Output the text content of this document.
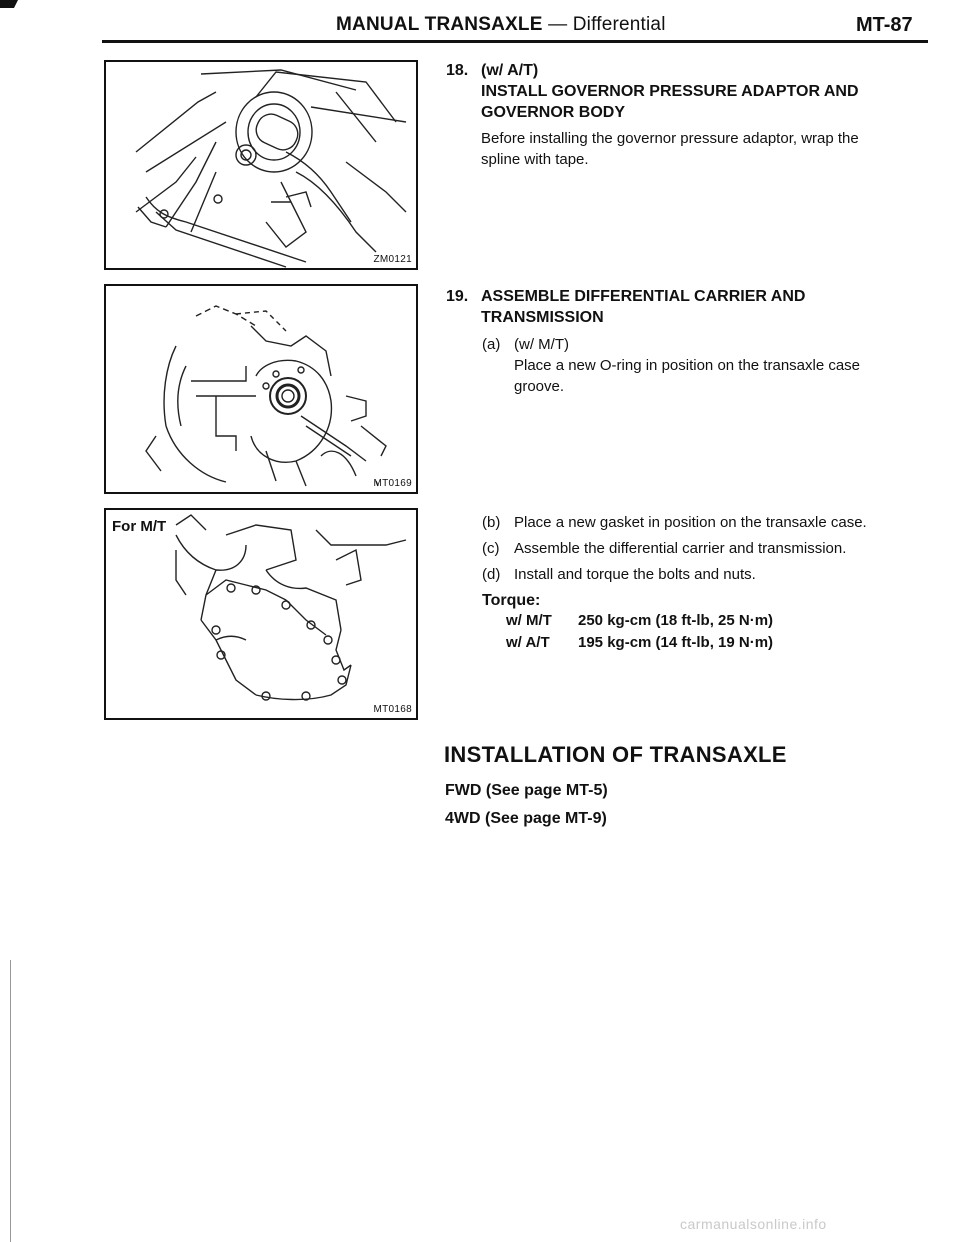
MANUAL TRANSAXLE — Differential	MT-87
ZM0121
MT0169
For M/T
MT0168
18. (w/ A/T)
INSTALL GOVERNOR PRESSURE ADAPTOR AND
GOVERNOR BODY
Before installing the governor pressure adaptor, wrap the
spline with tape.
19. ASSEMBLE DIFFERENTIAL CARRIER AND
TRANSMISSION
(a) (w/ M/T)
Place a new O-ring in position on the transaxle case
groove.
(b) Place a new gasket in position on the transaxle case.
(c) Assemble the differential carrier and transmission.
(d) Install and torque the bolts and nuts.
Torque:
w/ M/T 250 kg-cm (18 ft-lb, 25 N·m)
w/ A/T 195 kg-cm (14 ft-lb, 19 N·m)
INSTALLATION OF TRANSAXLE
FWD (See page MT-5)
4WD (See page MT-9)
carmanualsonline.info
